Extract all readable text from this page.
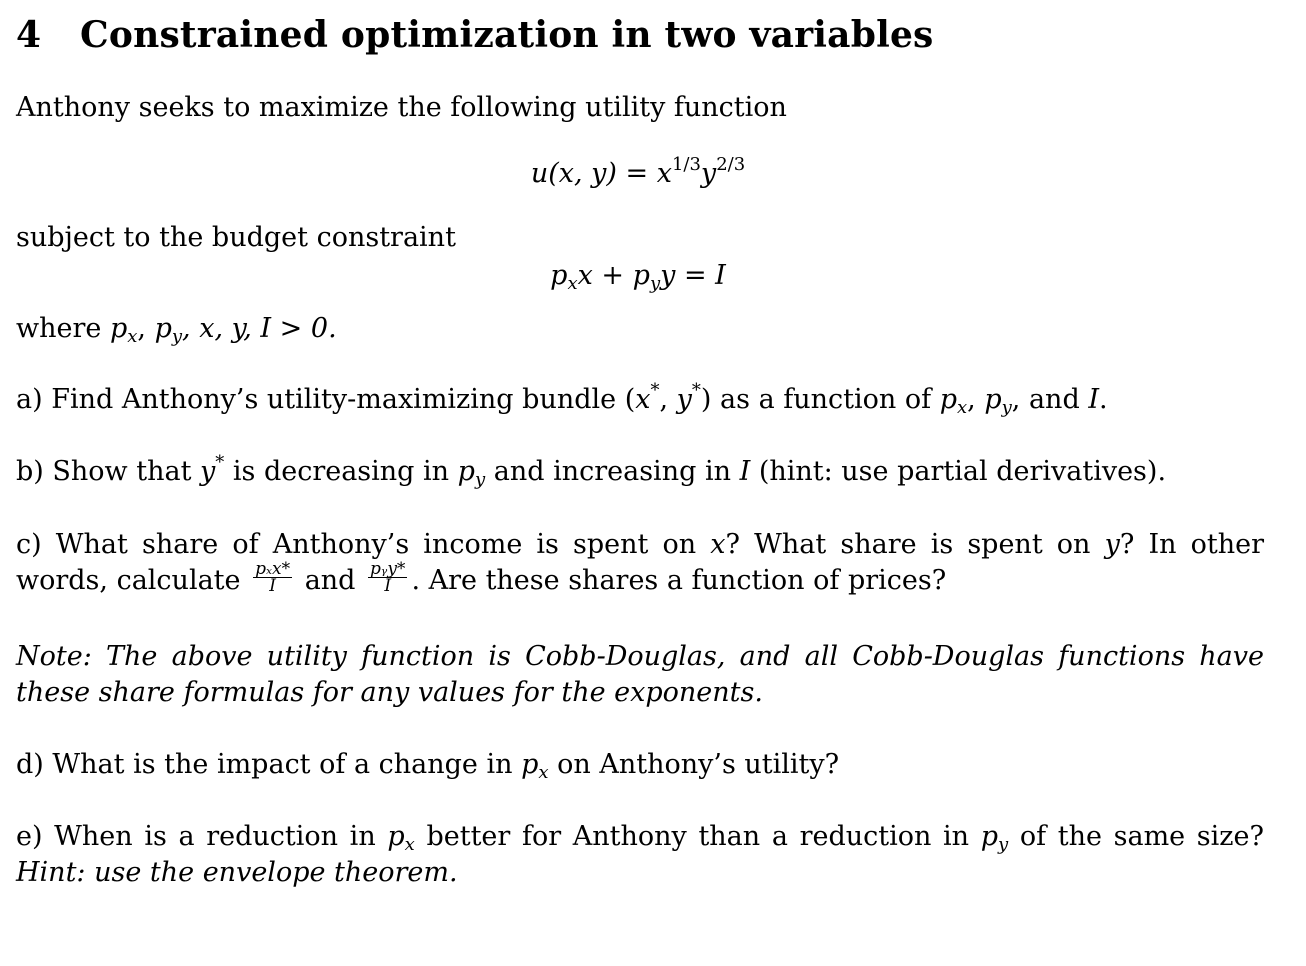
4 Constrained optimization in two variables
Anthony seeks to maximize the following utility function
u(x, $y) = x^{1/3}y^{2/3}$
subject to the budget constraint
$p_xx + p_yy = I$
where $p_x$, $p_y$, x, y, I > 0.
a) Find Anthony’s utility-maximizing bundle (x*, y*) as a function of $p_x$, $p_y$, and I.
b) Show that y* is decreasing in $p_y$ and increasing in I (hint: use partial derivatives).
c) What share of Anthony’s income is spent on x? What share is spent on y? In other words, calculate $\frac{\text{pₓx*}}{I}$ and $\frac{\text{pᵧy*}}{I}$ . Are these shares a function of prices?
Note: The above utility function is Cobb-Douglas, and all Cobb-Douglas functions have these share formulas for any values for the exponents.
d) What is the impact of a change in $p_x$ on Anthony’s utility?
e) When is a reduction in $p_x$ better for Anthony than a reduction in $p_y$ of the same size? Hint: use the envelope theorem.
